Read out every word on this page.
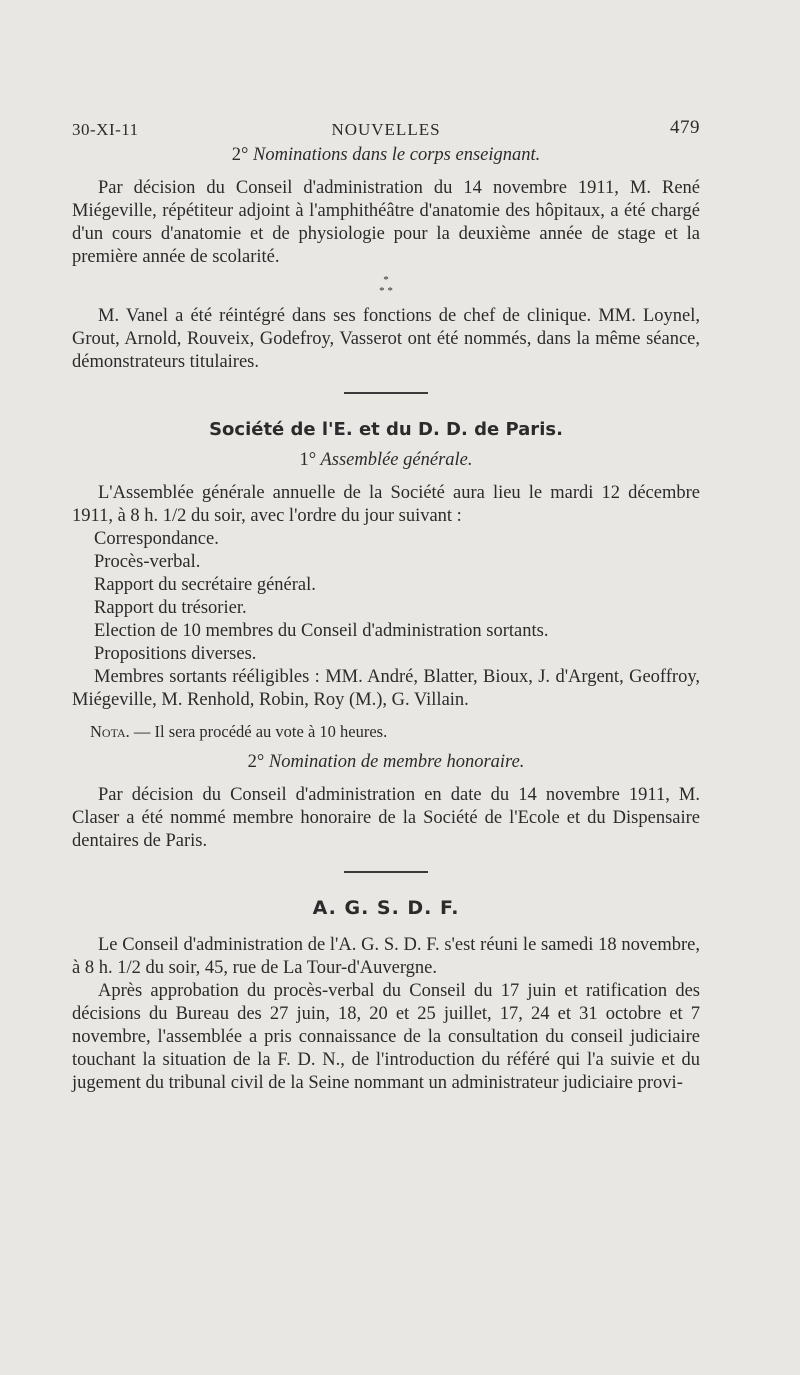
30-XI-11	NOUVELLES	479
2° Nominations dans le corps enseignant.

Par décision du Conseil d'administration du 14 novembre 1911, M. René Miégeville, répétiteur adjoint à l'amphithéâtre d'anatomie des hôpitaux, a été chargé d'un cours d'anatomie et de physiologie pour la deuxième année de stage et la première année de scolarité.

*
* *

M. Vanel a été réintégré dans ses fonctions de chef de clinique. MM. Loynel, Grout, Arnold, Rouveix, Godefroy, Vasserot ont été nommés, dans la même séance, démonstrateurs titulaires.

Société de l'E. et du D. D. de Paris.
1° Assemblée générale.

L'Assemblée générale annuelle de la Société aura lieu le mardi 12 décembre 1911, à 8 h. 1/2 du soir, avec l'ordre du jour suivant :

Correspondance.
Procès-verbal.
Rapport du secrétaire général.
Rapport du trésorier.
Election de 10 membres du Conseil d'administration sortants.
Propositions diverses.

Membres sortants rééligibles : MM. André, Blatter, Bioux, J. d'Argent, Geoffroy, Miégeville, M. Renhold, Robin, Roy (M.), G. Villain.

Nota. — Il sera procédé au vote à 10 heures.

2° Nomination de membre honoraire.

Par décision du Conseil d'administration en date du 14 novembre 1911, M. Claser a été nommé membre honoraire de la Société de l'Ecole et du Dispensaire dentaires de Paris.

A. G. S. D. F.

Le Conseil d'administration de l'A. G. S. D. F. s'est réuni le samedi 18 novembre, à 8 h. 1/2 du soir, 45, rue de La Tour-d'Auvergne.

Après approbation du procès-verbal du Conseil du 17 juin et ratification des décisions du Bureau des 27 juin, 18, 20 et 25 juillet, 17, 24 et 31 octobre et 7 novembre, l'assemblée a pris connaissance de la consultation du conseil judiciaire touchant la situation de la F. D. N., de l'introduction du référé qui l'a suivie et du jugement du tribunal civil de la Seine nommant un administrateur judiciaire provi-
